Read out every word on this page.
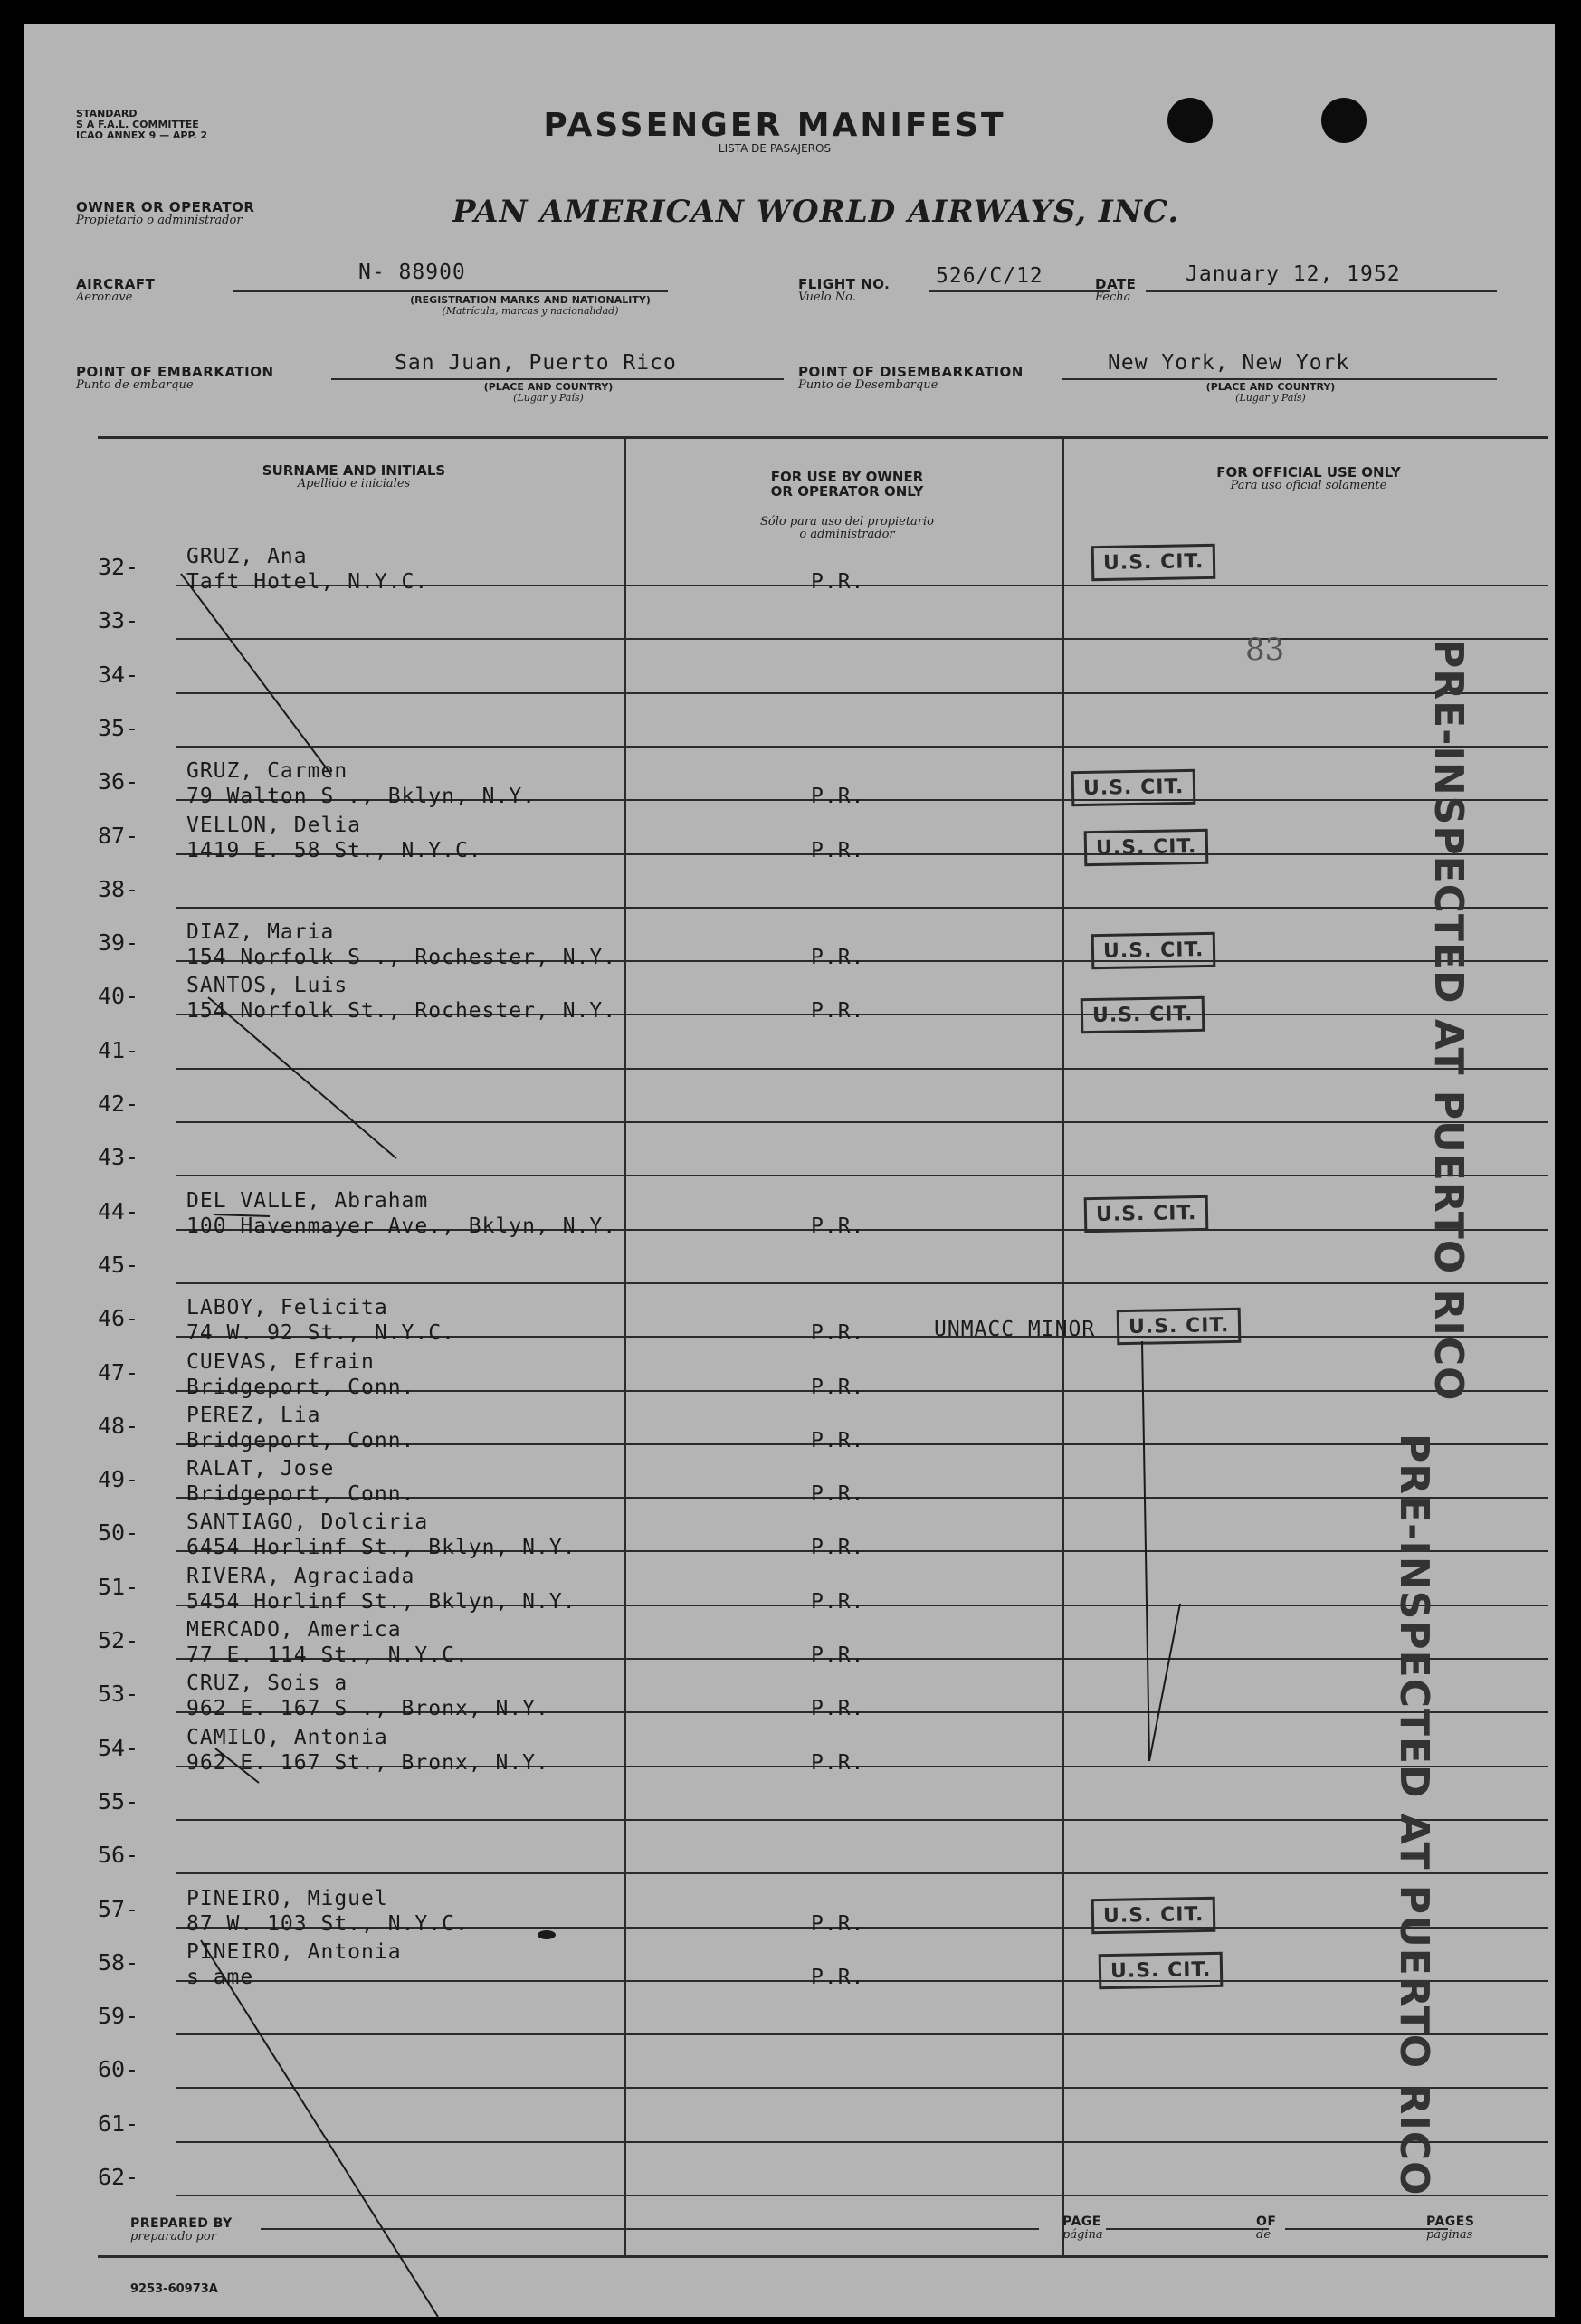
STANDARD
S A F.A.L. COMMITTEE
ICAO ANNEX 9 — APP. 2	PASSENGER MANIFEST
LISTA DE PASAJEROS
OWNER OR OPERATOR
Propietario o administrador	PAN AMERICAN WORLD AIRWAYS, INC.
AIRCRAFT
Aeronave
N- 88900
(REGISTRATION MARKS AND NATIONALITY)
(Matrícula, marcas y nacionalidad)
FLIGHT NO.
Vuelo No.
526/C/12	DATE
Fecha
January 12, 1952
POINT OF EMBARKATION
Punto de embarque
San Juan, Puerto Rico
(PLACE AND COUNTRY)
(Lugar y País)
POINT OF DISEMBARKATION
Punto de Desembarque
New York, New York
(PLACE AND COUNTRY)
(Lugar y País)
SURNAME AND INITIALS
Apellido e iniciales	FOR USE BY OWNER
OR OPERATOR ONLY

Sólo para uso del propietario
o administrador

FOR OFFICIAL USE ONLY
Para uso oficial solamente
32-	GRUZ, Ana
Taft Hotel, N.Y.C.	P.R.
U.S. CIT.
33-
34-
35-
36-	GRUZ, Carmen
79 Walton S ., Bklyn, N.Y.	P.R.	U.S. CIT.
87-	VELLON, Delia
1419 E. 58 St., N.Y.C.	P.R.	U.S. CIT.
38-
39-	DIAZ, Maria
154 Norfolk S ., Rochester, N.Y.	P.R.	U.S. CIT.
40-	SANTOS, Luis
154 Norfolk St., Rochester, N.Y.	P.R.	U.S. CIT.
41-
42-
43-
44-	DEL VALLE, Abraham
100 Havenmayer Ave., Bklyn, N.Y.	P.R.
U.S. CIT.
45-
46-	LABOY, Felicita
74 W. 92 St., N.Y.C.	P.R.	UNMACC MINOR	U.S. CIT.
47-	CUEVAS, Efrain
Bridgeport, Conn.	P.R.
48-	PEREZ, Lia
Bridgeport, Conn.	P.R.
49-	RALAT, Jose
Bridgeport, Conn.	P.R.
50-	SANTIAGO, Dolciria
6454 Horlinf St., Bklyn, N.Y.	P.R.
51-	RIVERA, Agraciada
5454 Horlinf St., Bklyn, N.Y.	P.R.
52-	MERCADO, America
77 E. 114 St., N.Y.C.	P.R.
53-	CRUZ, Sois a
962 E. 167 S ., Bronx, N.Y.	P.R.
54-	CAMILO, Antonia
962 E. 167 St., Bronx, N.Y.	P.R.
55-
56-
57-	PINEIRO, Miguel
87 W. 103 St., N.Y.C.	P.R.	U.S. CIT.
58-	PINEIRO, Antonia
s ame	P.R.	U.S. CIT.
59-
60-
61-
62-
83	PRE-INSPECTED AT PUERTO RICO
PRE-INSPECTED AT PUERTO RICO
PREPARED BY
preparado por
PAGE
página
OF
de
PAGES
páginas
9253-60973A
